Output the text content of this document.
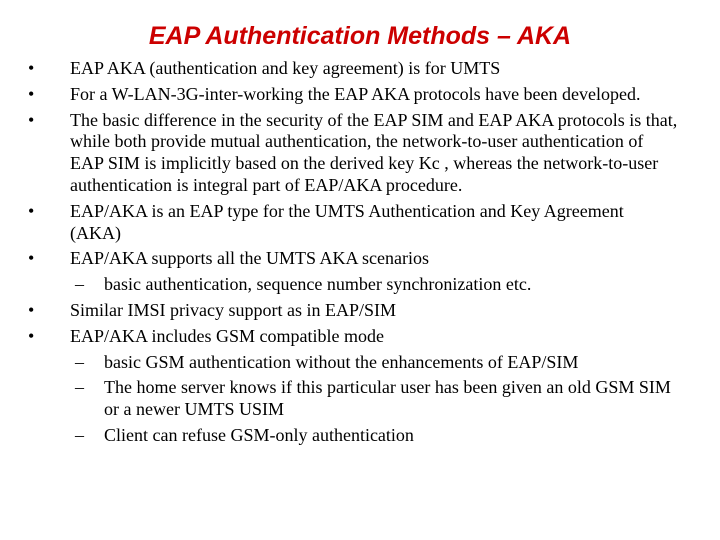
EAP Authentication Methods – AKA
• EAP AKA (authentication and key agreement) is for UMTS
• For a W-LAN-3G-inter-working the EAP AKA protocols have been developed.
• The basic difference in the security of the EAP SIM and EAP AKA protocols is that, while both provide mutual authentication, the network-to-user authentication of EAP SIM is implicitly based on the derived key Kc , whereas the network-to-user authentication is integral part of EAP/AKA procedure.
• EAP/AKA is an EAP type for the UMTS Authentication and Key Agreement (AKA)
• EAP/AKA supports all the UMTS AKA scenarios
– basic authentication, sequence number synchronization etc.
• Similar IMSI privacy support as in EAP/SIM
• EAP/AKA includes GSM compatible mode
– basic GSM authentication without the enhancements of EAP/SIM
– The home server knows if this particular user has been given an old GSM SIM or a newer UMTS USIM
– Client can refuse GSM-only authentication
